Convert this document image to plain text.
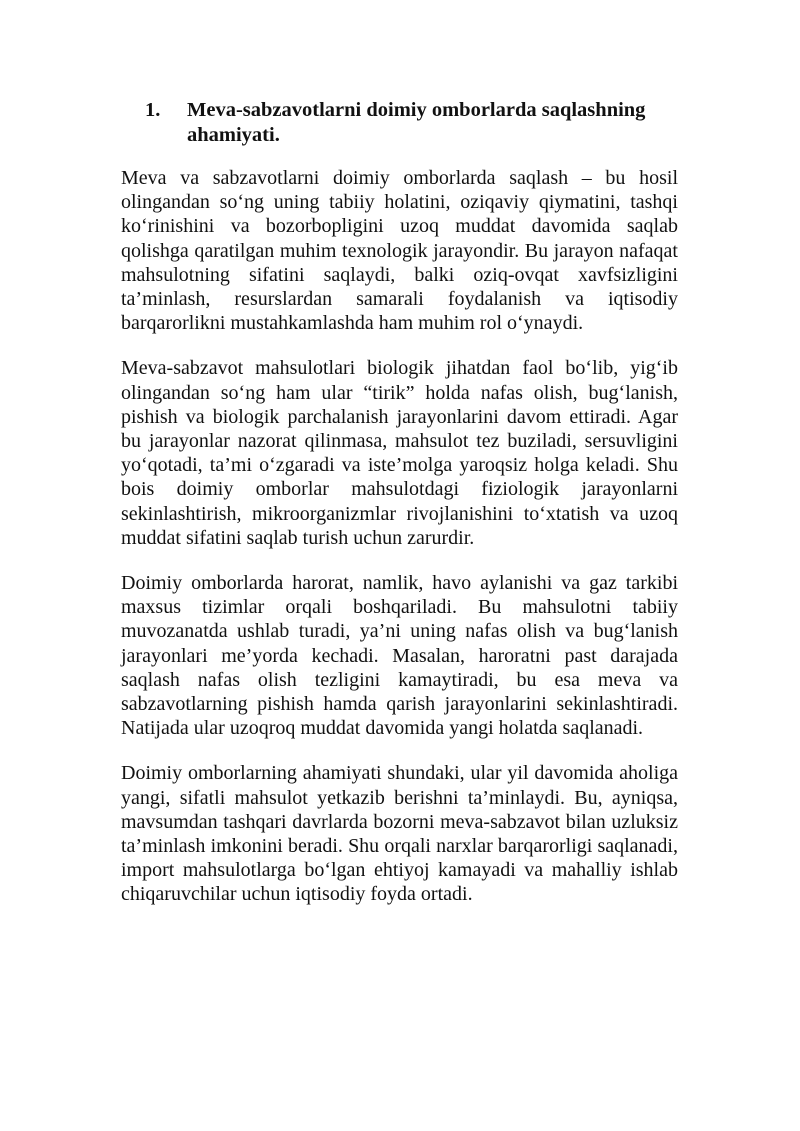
1.	Meva-sabzavotlarni doimiy omborlarda saqlashning ahamiyati.

Meva va sabzavotlarni doimiy omborlarda saqlash – bu hosil olingandan so‘ng uning tabiiy holatini, oziqaviy qiymatini, tashqi ko‘rinishini va bozorbopligini uzoq muddat davomida saqlab qolishga qaratilgan muhim texnologik jarayondir. Bu jarayon nafaqat mahsulotning sifatini saqlaydi, balki oziq-ovqat xavfsizligini ta’minlash, resurslardan samarali foydalanish va iqtisodiy barqarorlikni mustahkamlashda ham muhim rol o‘ynaydi.

Meva-sabzavot mahsulotlari biologik jihatdan faol bo‘lib, yig‘ib olingandan so‘ng ham ular “tirik” holda nafas olish, bug‘lanish, pishish va biologik parchalanish jarayonlarini davom ettiradi. Agar bu jarayonlar nazorat qilinmasa, mahsulot tez buziladi, sersuvligini yo‘qotadi, ta’mi o‘zgaradi va iste’molga yaroqsiz holga keladi. Shu bois doimiy omborlar mahsulotdagi fiziologik jarayonlarni sekinlashtirish, mikroorganizmlar rivojlanishini to‘xtatish va uzoq muddat sifatini saqlab turish uchun zarurdir.

Doimiy omborlarda harorat, namlik, havo aylanishi va gaz tarkibi maxsus tizimlar orqali boshqariladi. Bu mahsulotni tabiiy muvozanatda ushlab turadi, ya’ni uning nafas olish va bug‘lanish jarayonlari me’yorda kechadi. Masalan, haroratni past darajada saqlash nafas olish tezligini kamaytiradi, bu esa meva va sabzavotlarning pishish hamda qarish jarayonlarini sekinlashtiradi. Natijada ular uzoqroq muddat davomida yangi holatda saqlanadi.

Doimiy omborlarning ahamiyati shundaki, ular yil davomida aholiga yangi, sifatli mahsulot yetkazib berishni ta’minlaydi. Bu, ayniqsa, mavsumdan tashqari davrlarda bozorni meva-sabzavot bilan uzluksiz ta’minlash imkonini beradi. Shu orqali narxlar barqarorligi saqlanadi, import mahsulotlarga bo‘lgan ehtiyoj kamayadi va mahalliy ishlab chiqaruvchilar uchun iqtisodiy foyda ortadi.
